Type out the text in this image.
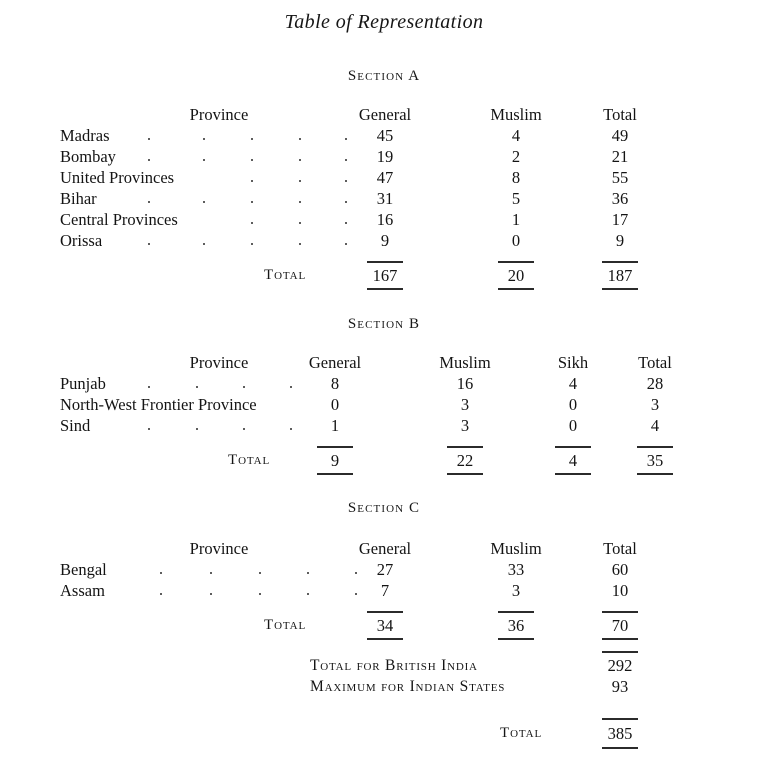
Table of Representation
Section A
Province	General	Muslim	Total
Madras	45	4	49
Bombay	19	2	21
United Provinces	47	8	55
Bihar	31	5	36
Central Provinces	16	1	17
Orissa	9	0	9
Total	167	20	187
Section B
Province	General	Muslim	Sikh	Total
Punjab	8	16	4	28
North-West Frontier Province	0	3	0	3
Sind	1	3	0	4
Total	9	22	4	35
Section C
Province	General	Muslim	Total
Bengal	27	33	60
Assam	7	3	10
Total	34	36	70
Total for British India	292
Maximum for Indian States	93
Total	385
